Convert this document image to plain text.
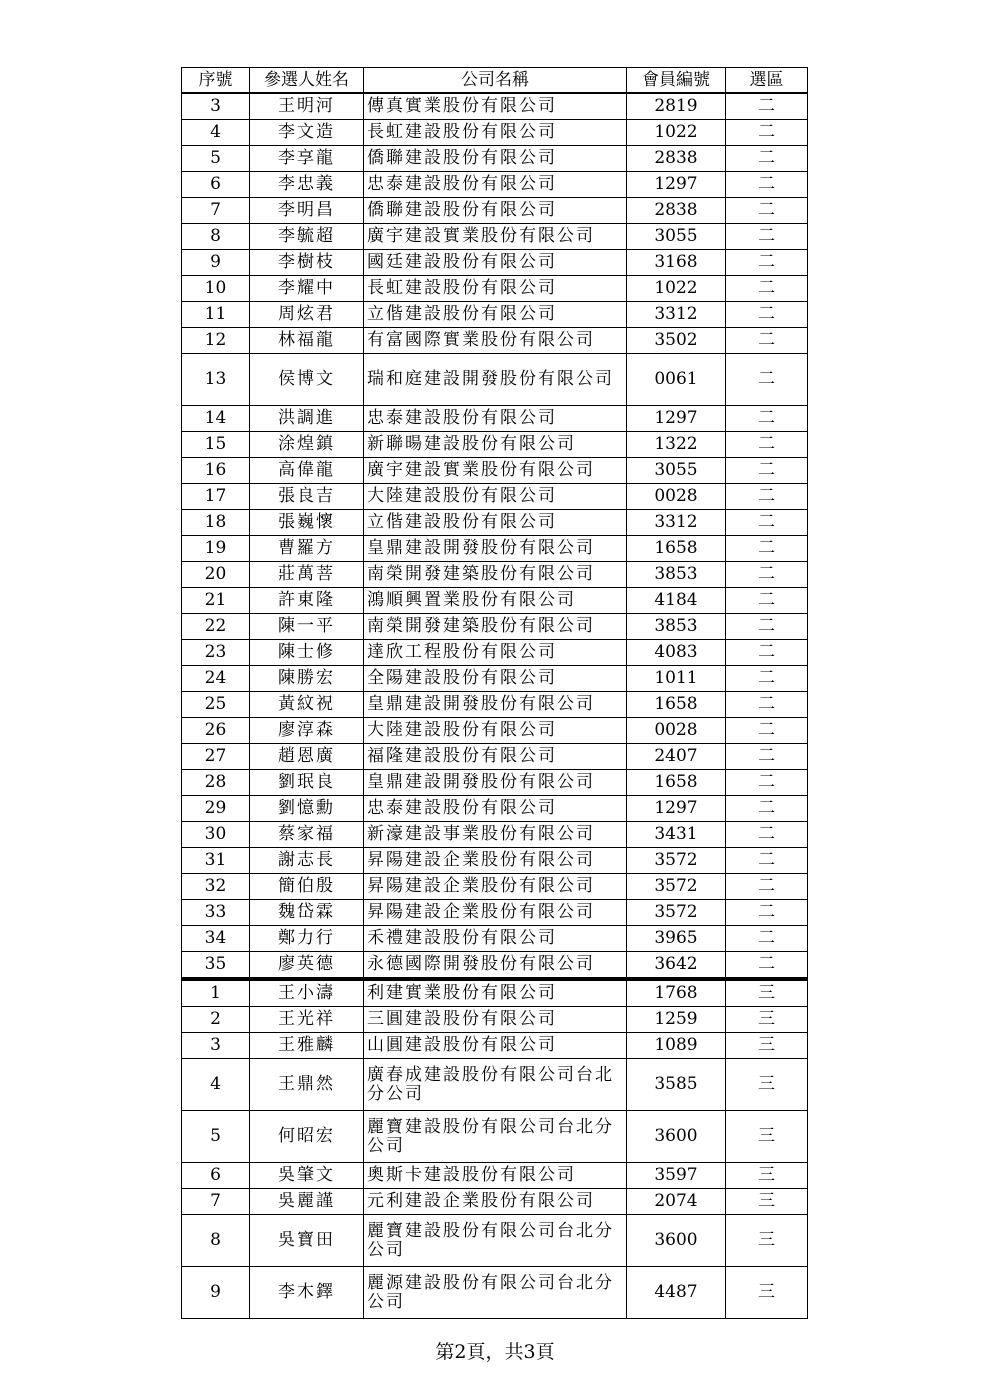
序號	參選人姓名	公司名稱	會員編號	選區
3	王明河	傳真實業股份有限公司	2819	二
4	李文造	長虹建設股份有限公司	1022	二
5	李享龍	僑聯建設股份有限公司	2838	二
6	李忠義	忠泰建設股份有限公司	1297	二
7	李明昌	僑聯建設股份有限公司	2838	二
8	李毓超	廣宇建設實業股份有限公司	3055	二
9	李樹枝	國廷建設股份有限公司	3168	二
10	李耀中	長虹建設股份有限公司	1022	二
11	周炫君	立偕建設股份有限公司	3312	二
12	林福龍	有富國際實業股份有限公司	3502	二
13	侯博文	瑞和庭建設開發股份有限公司	0061	二
14	洪調進	忠泰建設股份有限公司	1297	二
15	涂煌鎮	新聯暘建設股份有限公司	1322	二
16	高偉龍	廣宇建設實業股份有限公司	3055	二
17	張良吉	大陸建設股份有限公司	0028	二
18	張巍懷	立偕建設股份有限公司	3312	二
19	曹羅方	皇鼎建設開發股份有限公司	1658	二
20	莊萬菩	南榮開發建築股份有限公司	3853	二
21	許東隆	鴻順興置業股份有限公司	4184	二
22	陳一平	南榮開發建築股份有限公司	3853	二
23	陳士修	達欣工程股份有限公司	4083	二
24	陳勝宏	全陽建設股份有限公司	1011	二
25	黃紋祝	皇鼎建設開發股份有限公司	1658	二
26	廖淳森	大陸建設股份有限公司	0028	二
27	趙恩廣	福隆建設股份有限公司	2407	二
28	劉珉良	皇鼎建設開發股份有限公司	1658	二
29	劉憶勳	忠泰建設股份有限公司	1297	二
30	蔡家福	新濠建設事業股份有限公司	3431	二
31	謝志長	昇陽建設企業股份有限公司	3572	二
32	簡伯殷	昇陽建設企業股份有限公司	3572	二
33	魏岱霖	昇陽建設企業股份有限公司	3572	二
34	鄭力行	禾禮建設股份有限公司	3965	二
35	廖英德	永德國際開發股份有限公司	3642	二
1	王小濤	利建實業股份有限公司	1768	三
2	王光祥	三圓建設股份有限公司	1259	三
3	王雅麟	山圓建設股份有限公司	1089	三
4	王鼎然	廣春成建設股份有限公司台北分公司	3585	三
5	何昭宏	麗寶建設股份有限公司台北分公司	3600	三
6	吳肇文	奧斯卡建設股份有限公司	3597	三
7	吳麗謹	元利建設企業股份有限公司	2074	三
8	吳寶田	麗寶建設股份有限公司台北分公司	3600	三
9	李木鐸	麗源建設股份有限公司台北分公司	4487	三
第2頁，共3頁
